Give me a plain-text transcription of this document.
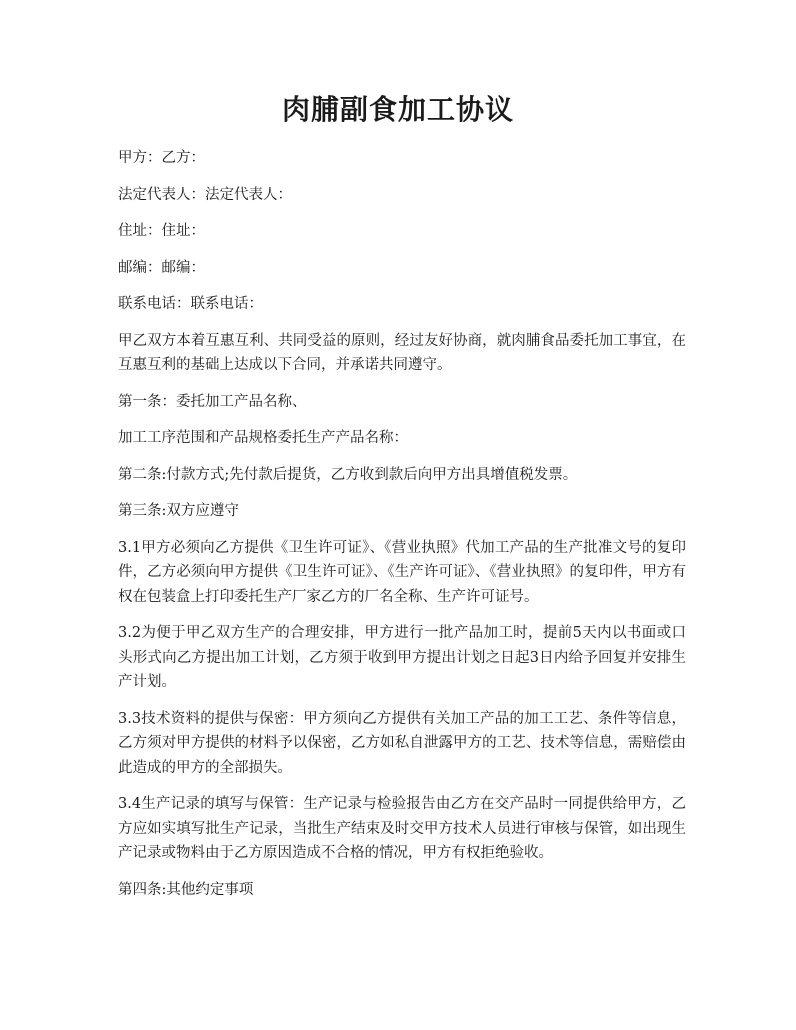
肉脯副食加工协议

甲方：乙方：

法定代表人：法定代表人：

住址：住址：

邮编：邮编：

联系电话：联系电话：

甲乙双方本着互惠互利、共同受益的原则，经过友好协商，就肉脯食品委托加工事宜，在互惠互利的基础上达成以下合同，并承诺共同遵守。

第一条：委托加工产品名称、

加工工序范围和产品规格委托生产产品名称：

第二条:付款方式;先付款后提货，乙方收到款后向甲方出具增值税发票。

第三条:双方应遵守

3.1甲方必须向乙方提供《卫生许可证》、《营业执照》代加工产品的生产批准文号的复印件，乙方必须向甲方提供《卫生许可证》、《生产许可证》、《营业执照》的复印件，甲方有权在包装盒上打印委托生产厂家乙方的厂名全称、生产许可证号。

3.2为便于甲乙双方生产的合理安排，甲方进行一批产品加工时，提前5天内以书面或口头形式向乙方提出加工计划，乙方须于收到甲方提出计划之日起3日内给予回复并安排生产计划。

3.3技术资料的提供与保密：甲方须向乙方提供有关加工产品的加工工艺、条件等信息，乙方须对甲方提供的材料予以保密，乙方如私自泄露甲方的工艺、技术等信息，需赔偿由此造成的甲方的全部损失。

3.4生产记录的填写与保管：生产记录与检验报告由乙方在交产品时一同提供给甲方，乙方应如实填写批生产记录，当批生产结束及时交甲方技术人员进行审核与保管，如出现生产记录或物料由于乙方原因造成不合格的情况，甲方有权拒绝验收。

第四条:其他约定事项
